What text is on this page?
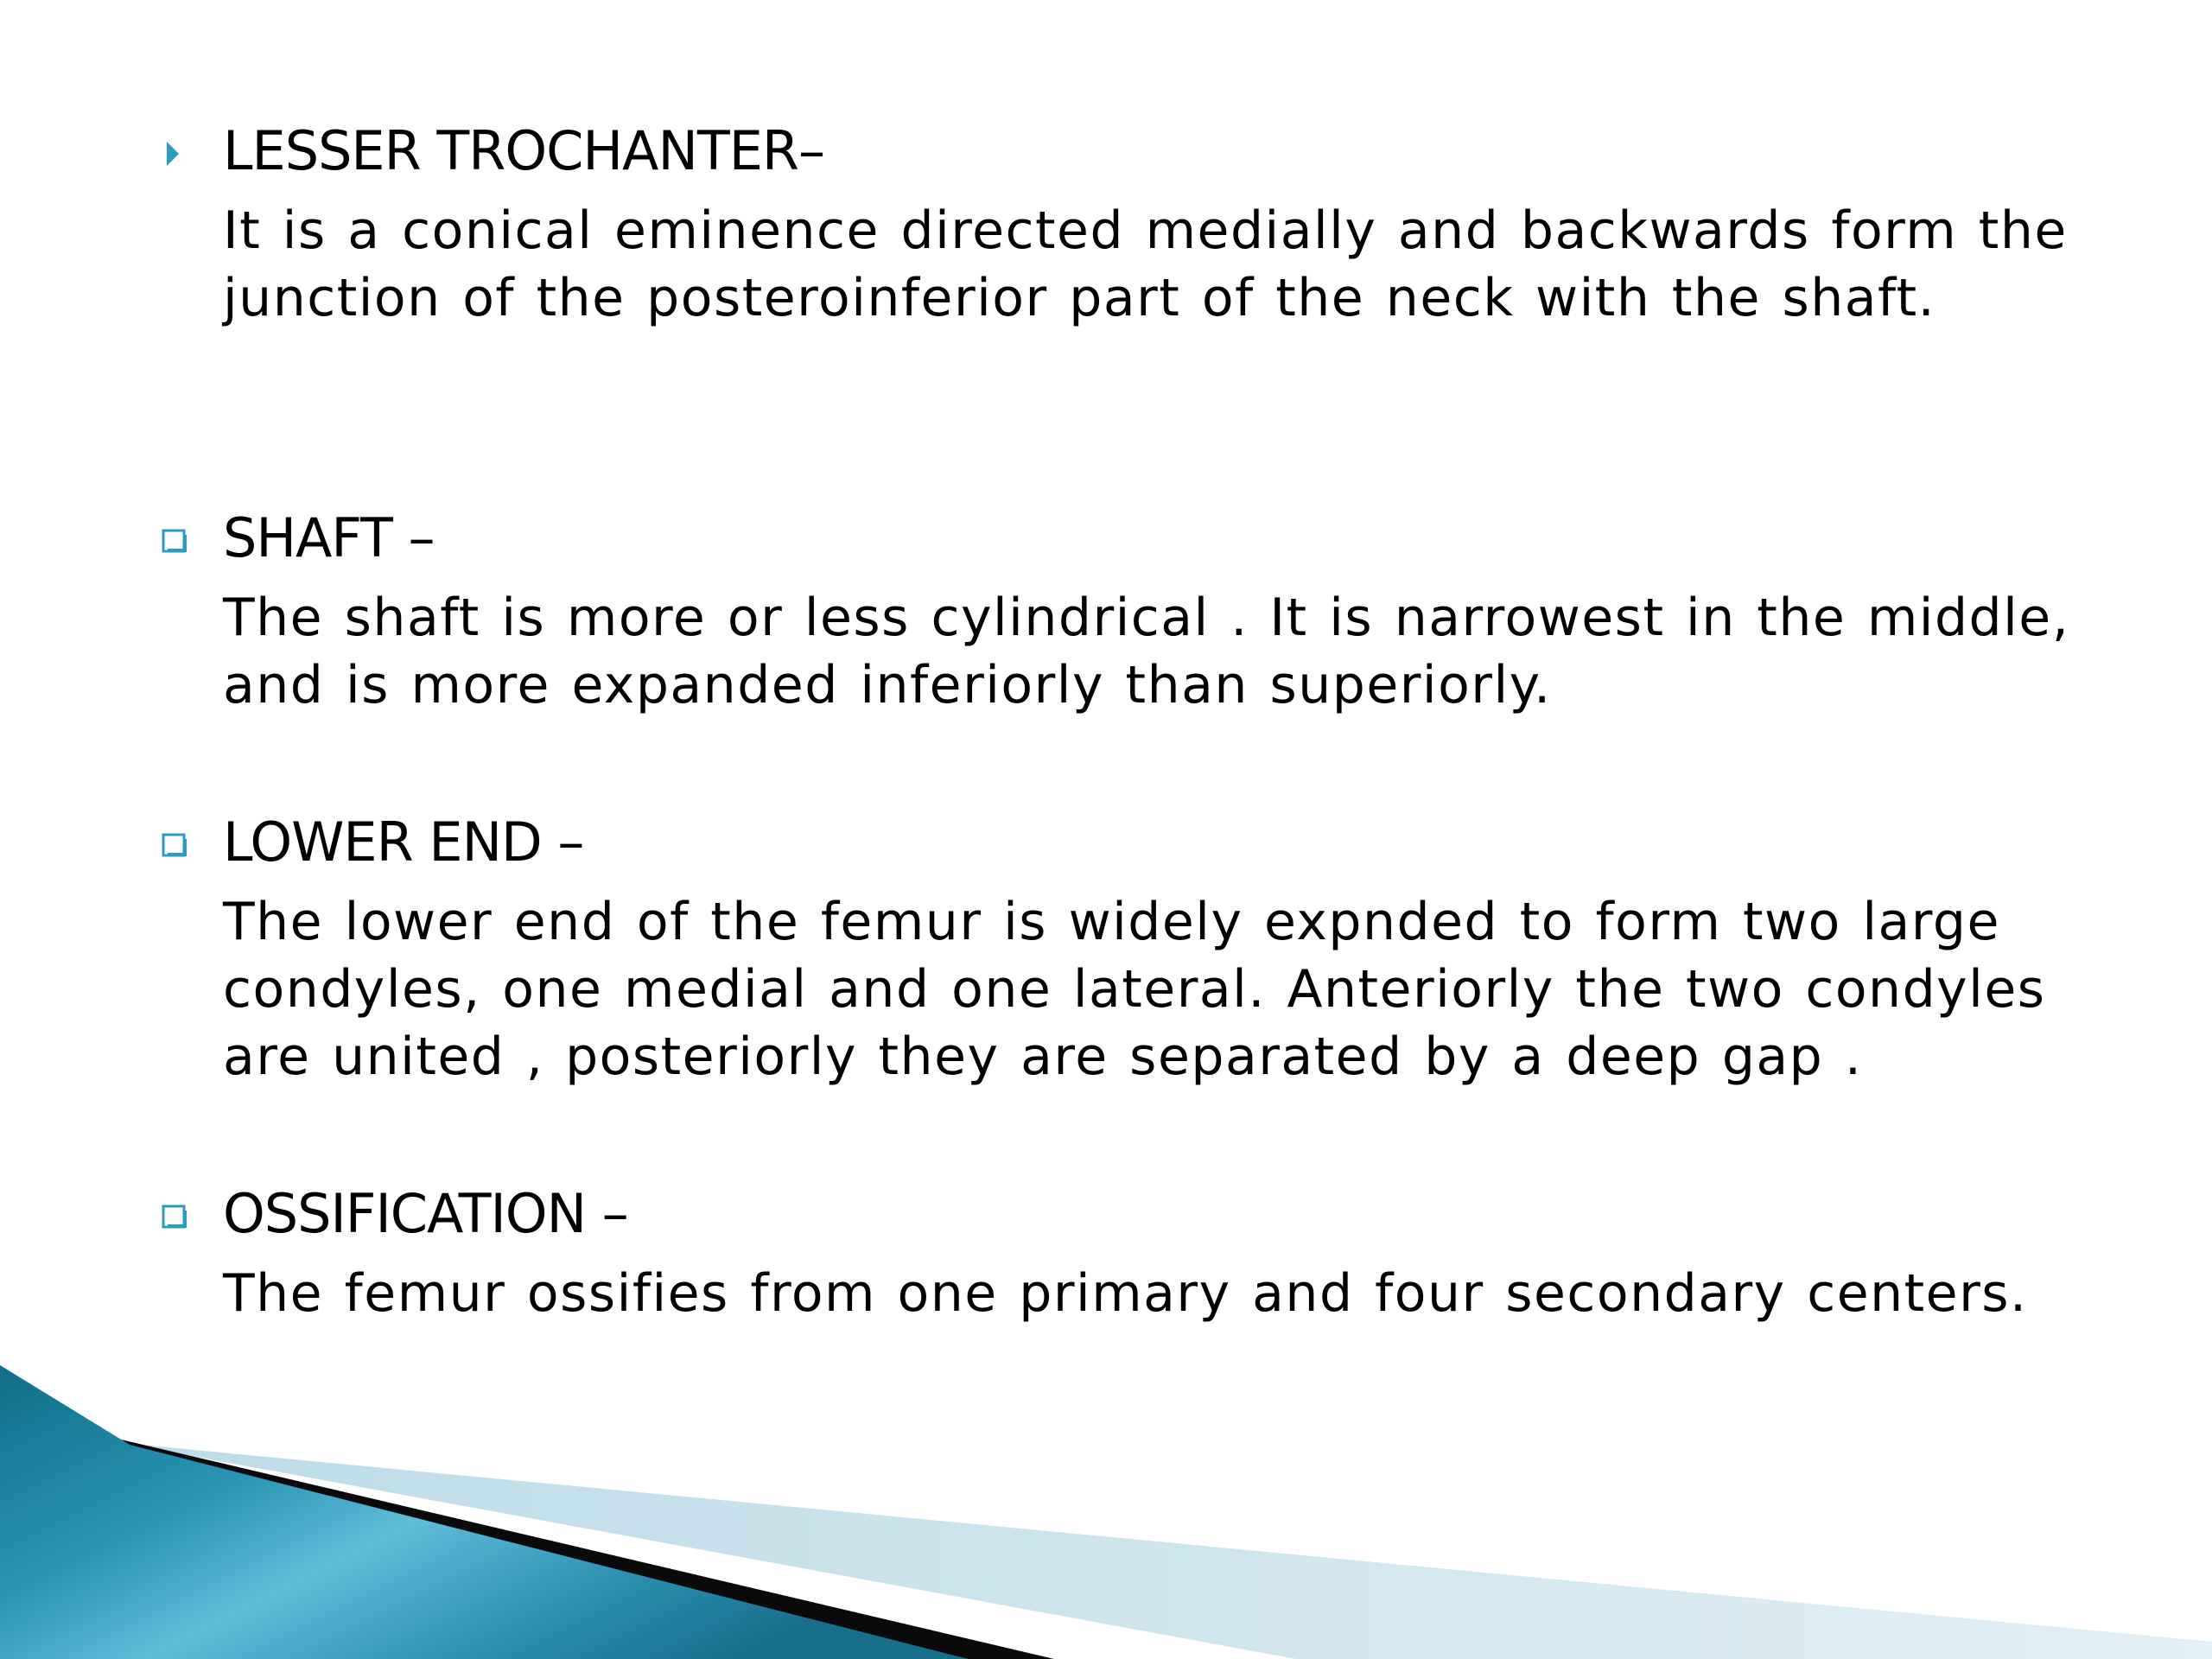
LESSER TROCHANTER–
It is a conical eminence directed medially and backwards form the
junction of the posteroinferior part of the neck with the shaft.
SHAFT –
The shaft is more or less cylindrical . It is narrowest in the middle,
and is more expanded inferiorly than superiorly.
LOWER END –
The lower end of the femur is widely expnded to form two large
condyles, one medial and one lateral. Anteriorly the two condyles
are united , posteriorly they are separated by a deep gap .
OSSIFICATION –
The femur ossifies from one primary and four secondary centers.
